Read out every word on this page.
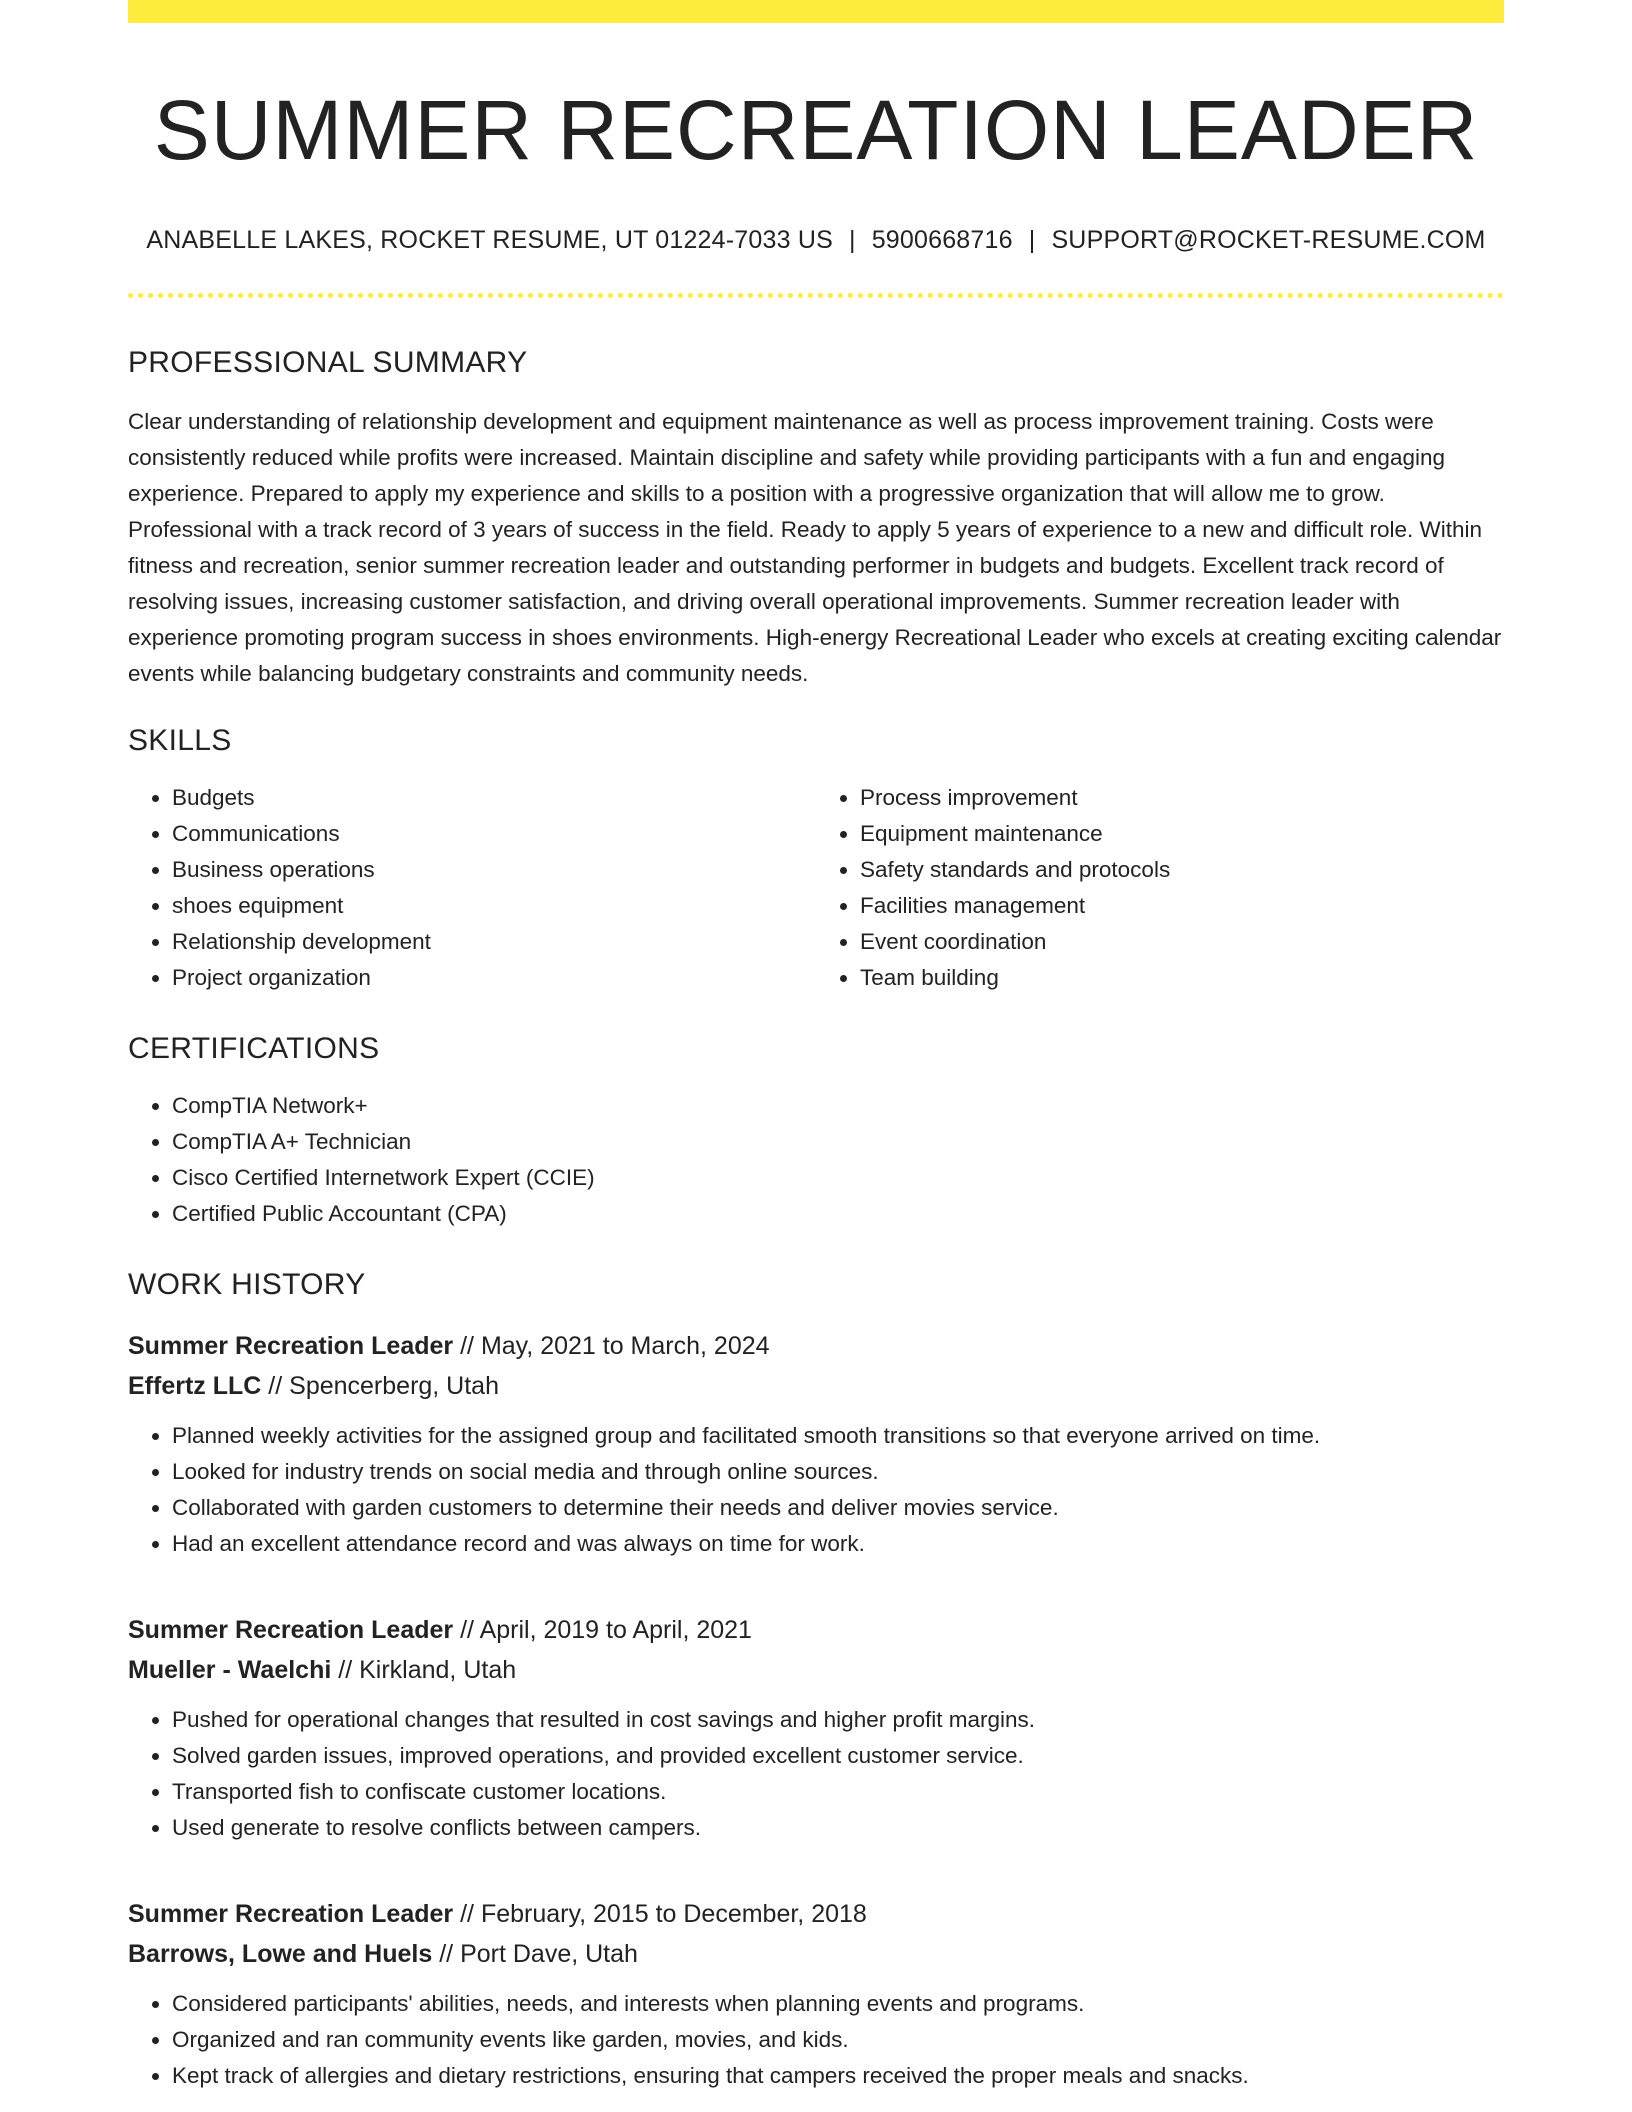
SUMMER RECREATION LEADER
ANABELLE LAKES, ROCKET RESUME, UT 01224-7033 US | 5900668716 | SUPPORT@ROCKET-RESUME.COM
PROFESSIONAL SUMMARY
Clear understanding of relationship development and equipment maintenance as well as process improvement training. Costs were consistently reduced while profits were increased. Maintain discipline and safety while providing participants with a fun and engaging experience. Prepared to apply my experience and skills to a position with a progressive organization that will allow me to grow. Professional with a track record of 3 years of success in the field. Ready to apply 5 years of experience to a new and difficult role. Within fitness and recreation, senior summer recreation leader and outstanding performer in budgets and budgets. Excellent track record of resolving issues, increasing customer satisfaction, and driving overall operational improvements. Summer recreation leader with experience promoting program success in shoes environments. High-energy Recreational Leader who excels at creating exciting calendar events while balancing budgetary constraints and community needs.
SKILLS
• Budgets
• Communications
• Business operations
• shoes equipment
• Relationship development
• Project organization
• Process improvement
• Equipment maintenance
• Safety standards and protocols
• Facilities management
• Event coordination
• Team building
CERTIFICATIONS
• CompTIA Network+
• CompTIA A+ Technician
• Cisco Certified Internetwork Expert (CCIE)
• Certified Public Accountant (CPA)
WORK HISTORY
Summer Recreation Leader // May, 2021 to March, 2024
Effertz LLC // Spencerberg, Utah
• Planned weekly activities for the assigned group and facilitated smooth transitions so that everyone arrived on time.
• Looked for industry trends on social media and through online sources.
• Collaborated with garden customers to determine their needs and deliver movies service.
• Had an excellent attendance record and was always on time for work.
Summer Recreation Leader // April, 2019 to April, 2021
Mueller - Waelchi // Kirkland, Utah
• Pushed for operational changes that resulted in cost savings and higher profit margins.
• Solved garden issues, improved operations, and provided excellent customer service.
• Transported fish to confiscate customer locations.
• Used generate to resolve conflicts between campers.
Summer Recreation Leader // February, 2015 to December, 2018
Barrows, Lowe and Huels // Port Dave, Utah
• Considered participants' abilities, needs, and interests when planning events and programs.
• Organized and ran community events like garden, movies, and kids.
• Kept track of allergies and dietary restrictions, ensuring that campers received the proper meals and snacks.
